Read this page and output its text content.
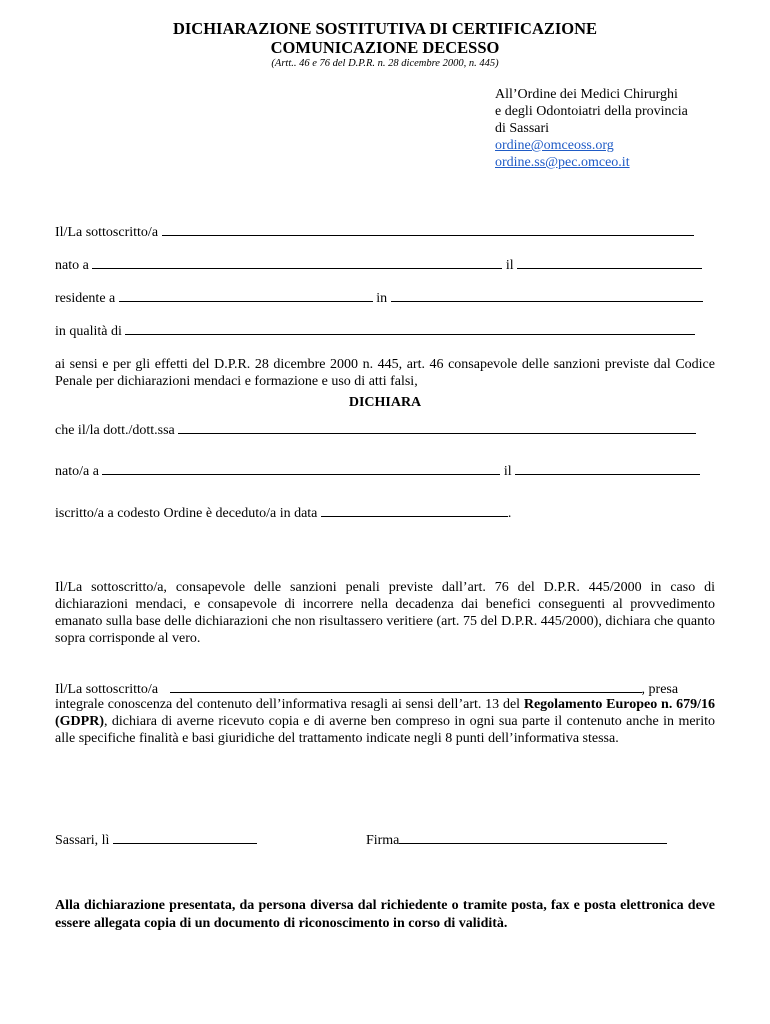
DICHIARAZIONE SOSTITUTIVA DI CERTIFICAZIONE
COMUNICAZIONE DECESSO
(Artt.. 46 e 76 del D.P.R. n. 28 dicembre 2000, n. 445)
All’Ordine dei Medici Chirurghi
e degli Odontoiatri della provincia
di Sassari
ordine@omceoss.org
ordine.ss@pec.omceo.it
Il/La sottoscritto/a
nato a	il
residente a	in
in qualità di
ai sensi e per gli effetti del D.P.R. 28 dicembre 2000 n. 445, art. 46 consapevole delle sanzioni previste dal Codice Penale per dichiarazioni mendaci e formazione e uso di atti falsi,
DICHIARA
che il/la dott./dott.ssa
nato/a a	il
iscritto/a a codesto Ordine è deceduto/a in data	.
Il/La sottoscritto/a, consapevole delle sanzioni penali previste dall’art. 76 del D.P.R. 445/2000 in caso di dichiarazioni mendaci, e consapevole di incorrere nella decadenza dai benefici conseguenti al provvedimento emanato sulla base delle dichiarazioni che non risultassero veritiere (art. 75 del D.P.R. 445/2000), dichiara che quanto sopra corrisponde al vero.
Il/La sottoscritto/a	, presa
integrale conoscenza del contenuto dell’informativa resagli ai sensi dell’art. 13 del Regolamento Europeo n. 679/16 (GDPR), dichiara di averne ricevuto copia e di averne ben compreso in ogni sua parte il contenuto anche in merito alle specifiche finalità e basi giuridiche del trattamento indicate negli 8 punti dell’informativa stessa.
Sassari, lì	Firma
Alla dichiarazione presentata, da persona diversa dal richiedente o tramite posta, fax e posta elettronica deve essere allegata copia di un documento di riconoscimento in corso di validità.
